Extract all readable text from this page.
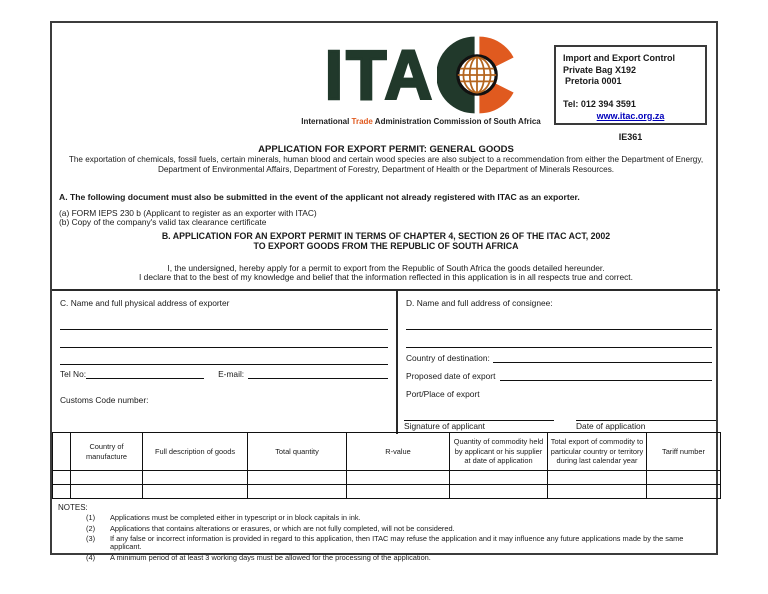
ITA
International Trade Administration Commission of South Africa
Import and Export Control
Private Bag X192
Pretoria 0001
Tel: 012 394 3591
www.itac.org.za
IE361
APPLICATION FOR EXPORT PERMIT: GENERAL GOODS
The exportation of chemicals, fossil fuels, certain minerals, human blood and certain wood species are also subject to a recommendation from either the Department of Energy, Department of Environmental Affairs, Department of Forestry, Department of Health or the Department of Minerals Resources.
A. The following document must also be submitted in the event of the applicant not already registered with ITAC as an exporter.
(a) FORM IEPS 230 b (Applicant to register as an exporter with ITAC)
(b) Copy of the company's valid tax clearance certificate
B. APPLICATION FOR AN EXPORT PERMIT IN TERMS OF CHAPTER 4, SECTION 26 OF THE ITAC ACT, 2002
TO EXPORT GOODS FROM THE REPUBLIC OF SOUTH AFRICA
I, the undersigned, hereby apply for a permit to export from the Republic of South Africa the goods detailed hereunder.
I declare that to the best of my knowledge and belief that the information reflected in this application is in all respects true and correct.
C. Name and full physical address of exporter
Tel No:	E-mail:
Customs Code number:
D. Name and full address of consignee:
Country of destination:
Proposed date of export
Port/Place of export
Signature of applicant	Date of application
	Country of manufacture	Full description of goods	Total quantity	R-value	Quantity of commodity held by applicant or his supplier at date of application	Total export of commodity to particular country or territory during last calendar year	Tariff number

NOTES:
(1)	Applications must be completed either in typescript or in block capitals in ink.
(2)	Applications that contains alterations or erasures, or which are not fully completed, will not be considered.
(3)	If any false or incorrect information is provided in regard to this application, then ITAC may refuse the application and it may influence any future applications made by the same applicant.
(4)	A minimum period of at least 3 working days must be allowed for the processing of the application.
